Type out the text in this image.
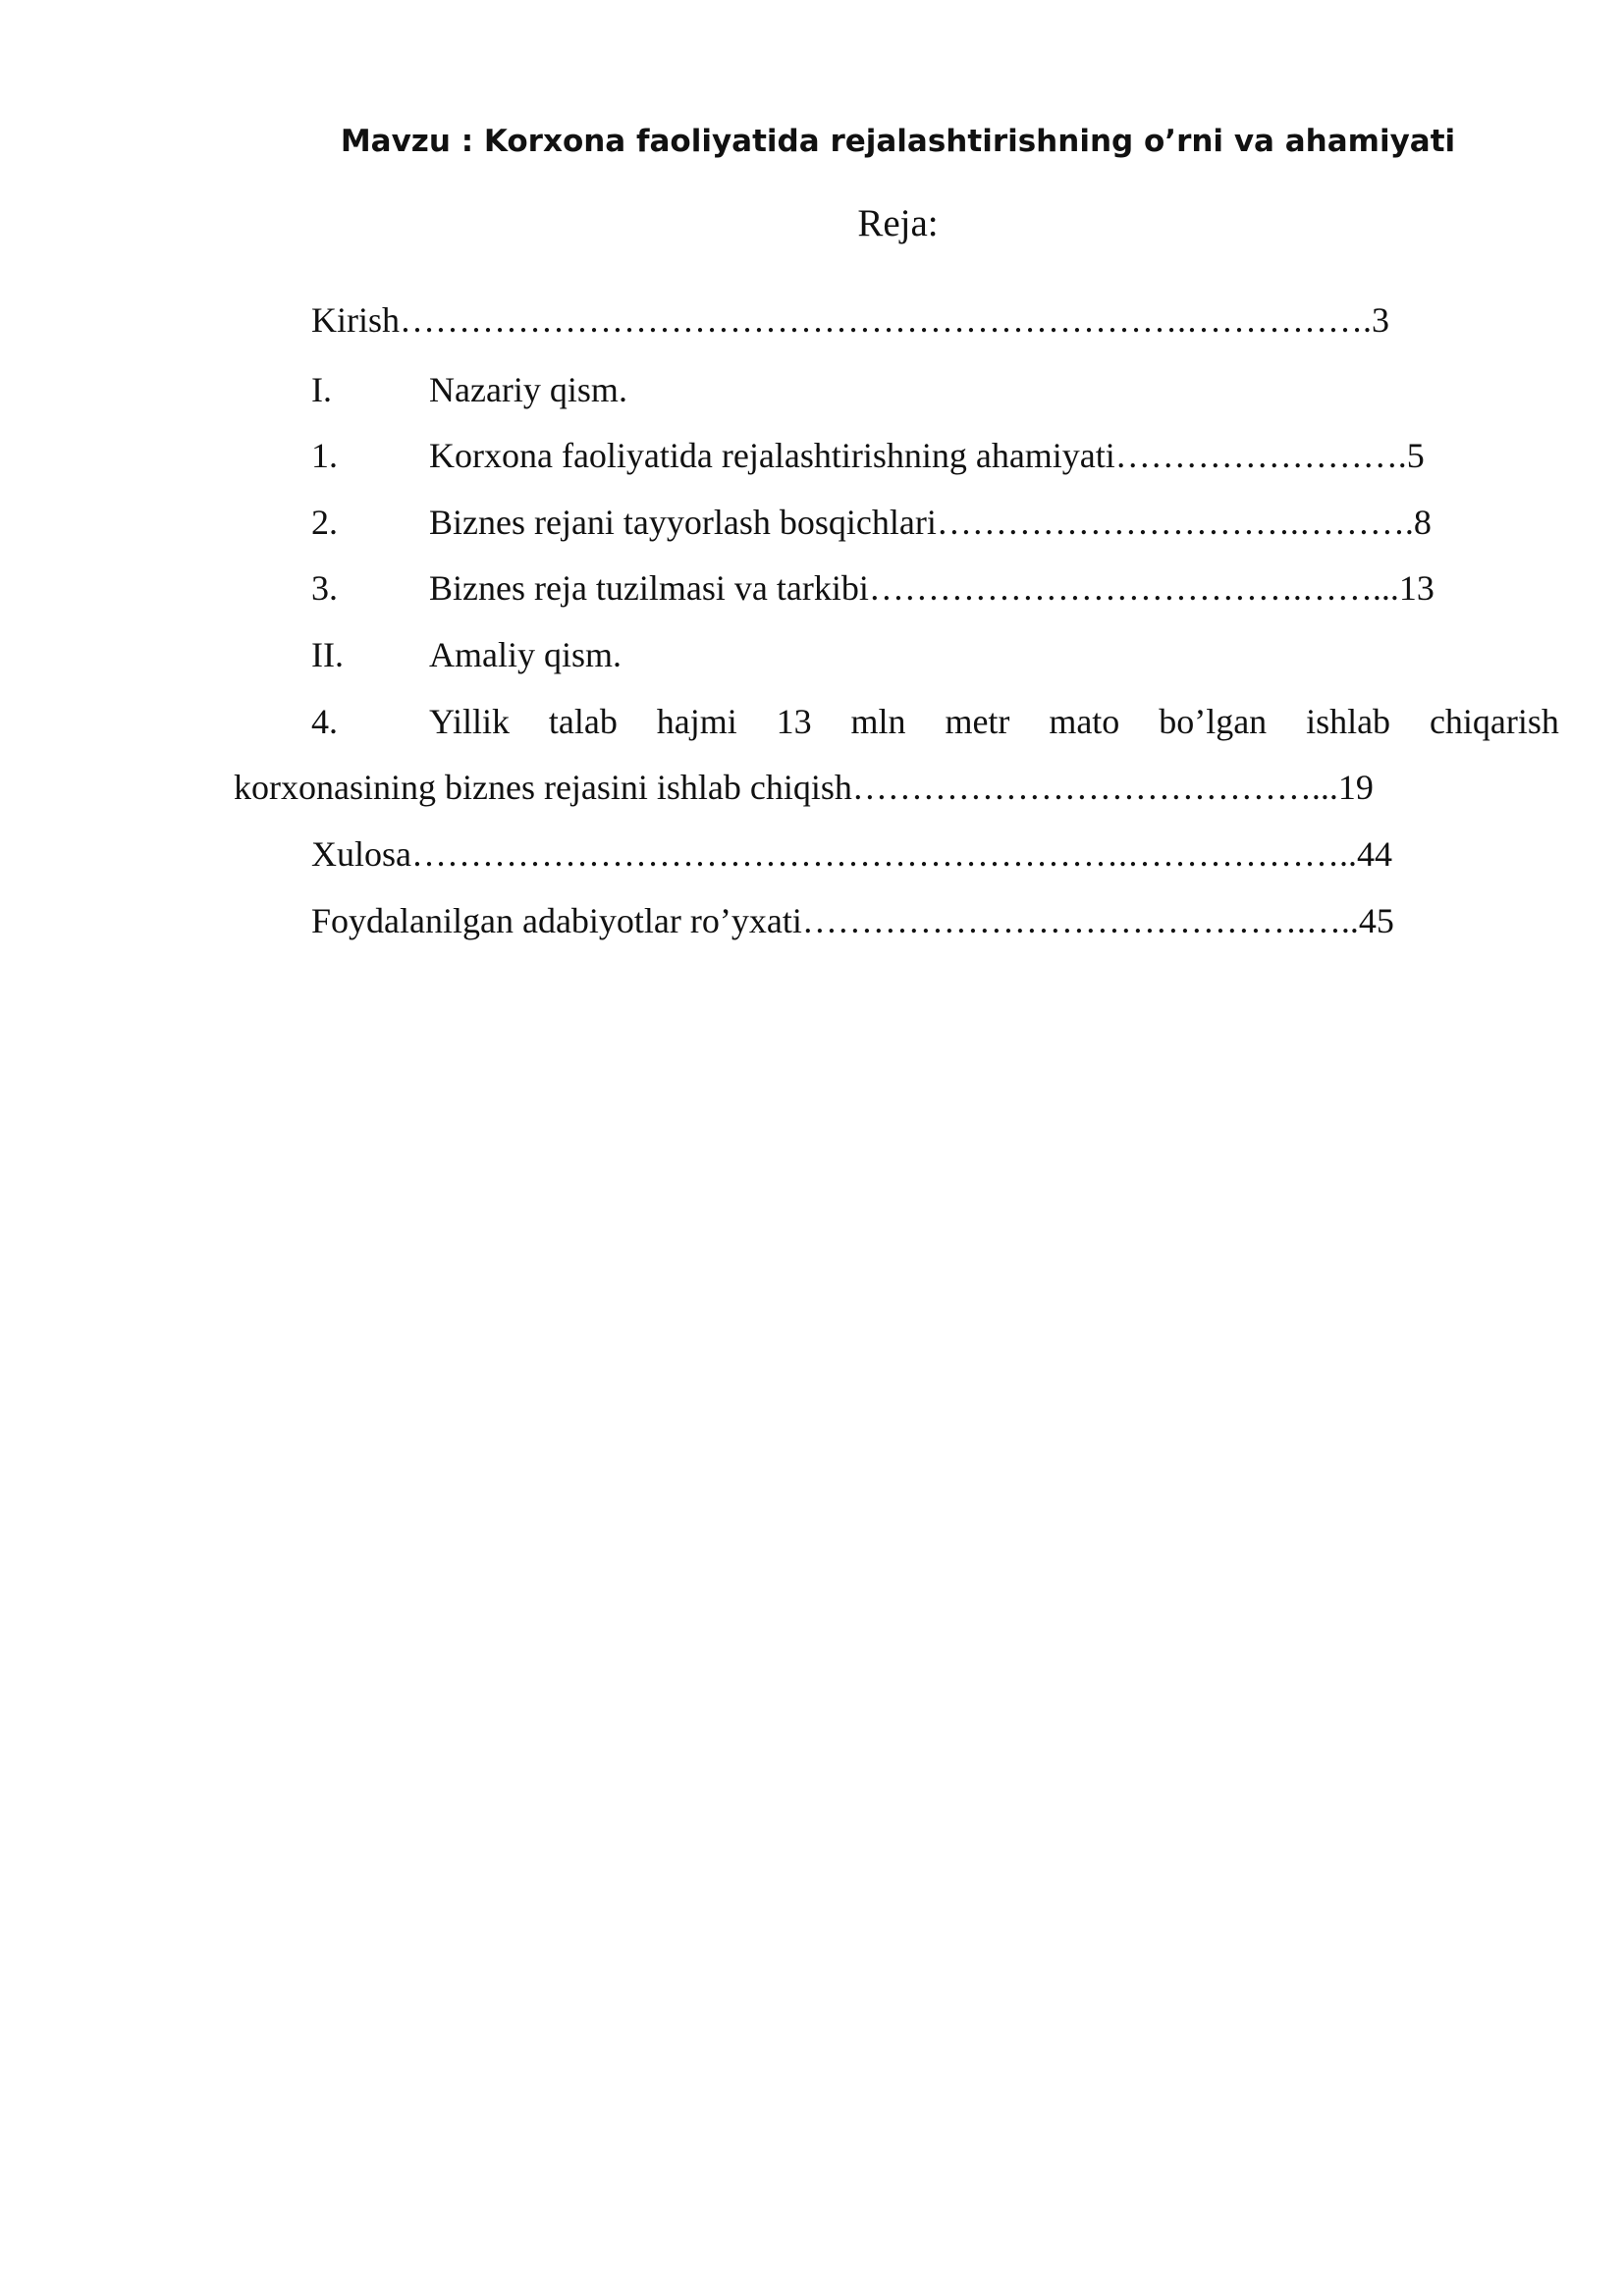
Mavzu : Korxona faoliyatida rejalashtirishning o’rni va aһamiyati
Reja:
Kirish………………………………………………………….…………….3
I.	Nazariy qism.
1.	Korxona faoliyatida rejalashtirishning ahamiyati…………………….5
2.	Biznes rejani tayyorlash bosqichlari………………………….……….8
3.	Biznes reja tuzilmasi va tarkibi……………………………….……...13
II. Amaliy qism.
4.	Yillik talab hajmi 13 mln metr mato bo’lgan ishlab chiqarish
korxonasining biznes rejasini ishlab chiqish…………………………………...19
Xulosa…………………………………………………….………………..44
Foydalanilgan adabiyotlar ro’yxati…………………………………….…..45
